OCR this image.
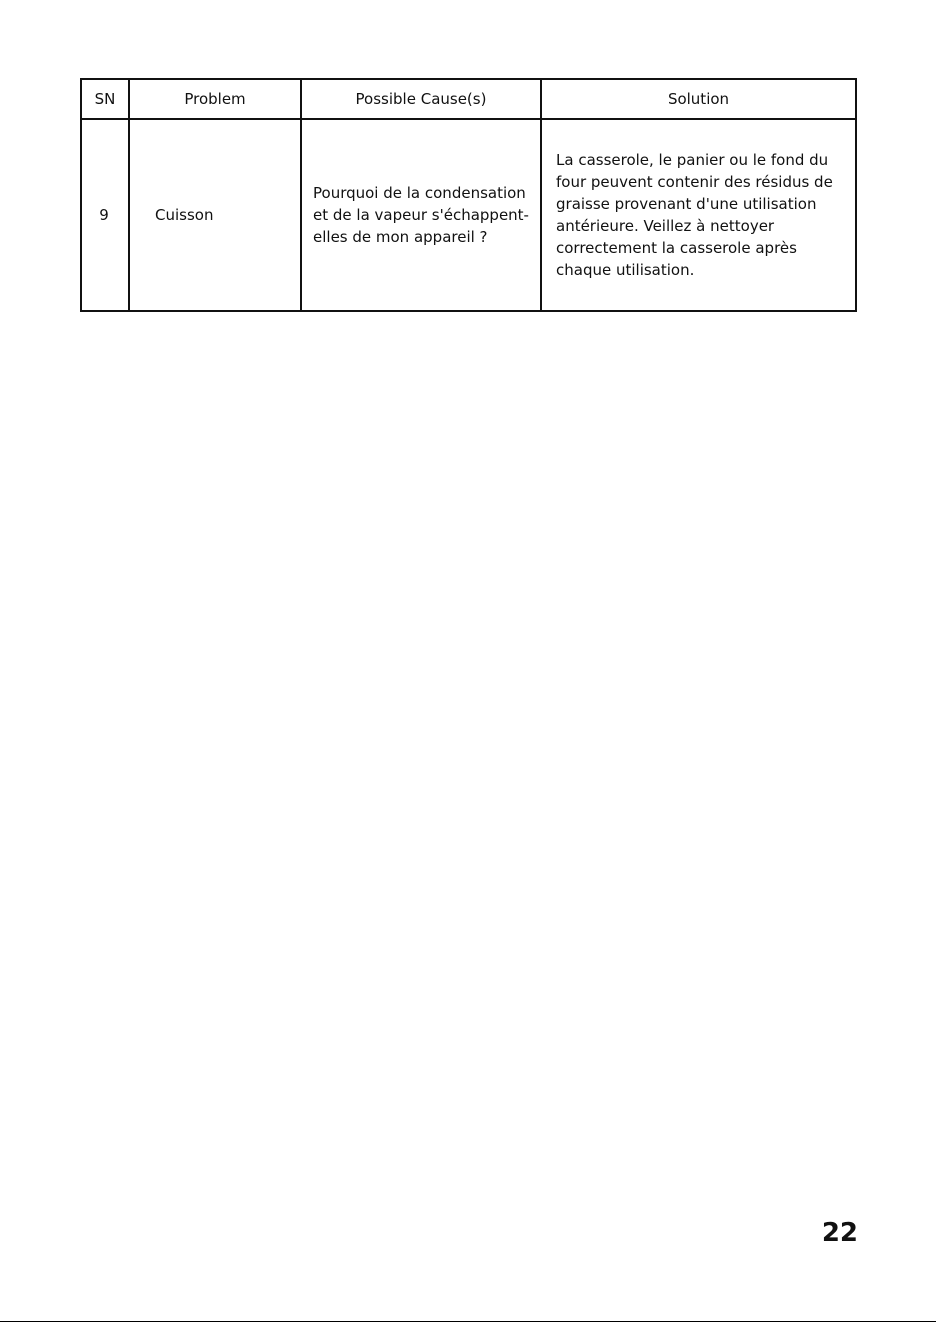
SN	Problem	Possible Cause(s)	Solution
9	Cuisson	Pourquoi de la condensation et de la vapeur s'échappent-elles de mon appareil ?	La casserole, le panier ou le fond du four peuvent contenir des résidus de graisse provenant d'une utilisation antérieure. Veillez à nettoyer correctement la casserole après chaque utilisation.
22
